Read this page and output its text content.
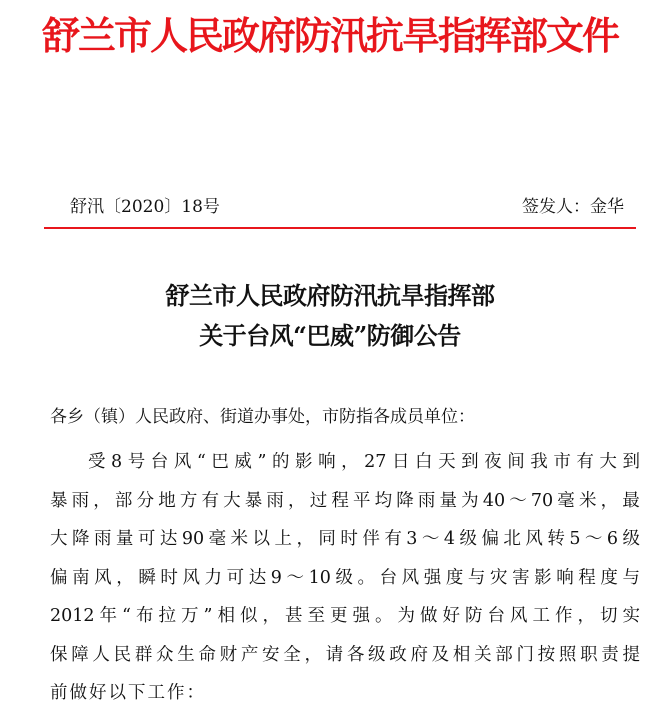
舒兰市人民政府防汛抗旱指挥部文件
舒汛〔2020〕18号	签发人：金华
舒兰市人民政府防汛抗旱指挥部
关于台风“巴威”防御公告
各乡（镇）人民政府、街道办事处，市防指各成员单位：
受 8 号 台 风 “ 巴 威 ” 的 影 响 ， 27 日 白 天 到 夜 间 我 市 有 大 到
暴 雨 ， 部 分 地 方 有 大 暴 雨 ， 过 程 平 均 降 雨 量 为 40 ～ 70 毫 米 ， 最
大 降 雨 量 可 达 90 毫 米 以 上 ， 同 时 伴 有 3 ～ 4 级 偏 北 风 转 5 ～ 6 级
偏 南 风 ， 瞬 时 风 力 可 达 9 ～ 10 级 。 台 风 强 度 与 灾 害 影 响 程 度 与
2012 年 “ 布 拉 万 ” 相 似 ， 甚 至 更 强 。 为 做 好 防 台 风 工 作 ， 切 实
保 障 人 民 群 众 生 命 财 产 安 全 ， 请 各 级 政 府 及 相 关 部 门 按 照 职 责 提
前做好以下工作：
